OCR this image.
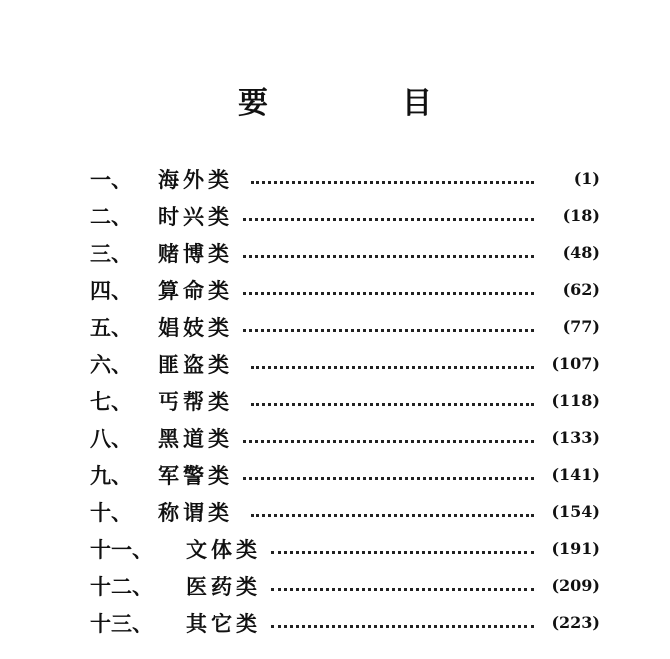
要　目
一、	海外类	(1)
二、	时兴类	(18)
三、	赌博类	(48)
四、	算命类	(62)
五、	娼妓类	(77)
六、	匪盗类	(107)
七、	丐帮类	(118)
八、	黑道类	(133)
九、	军警类	(141)
十、	称谓类	(154)
十一、	文体类	(191)
十二、	医药类	(209)
十三、	其它类	(223)
